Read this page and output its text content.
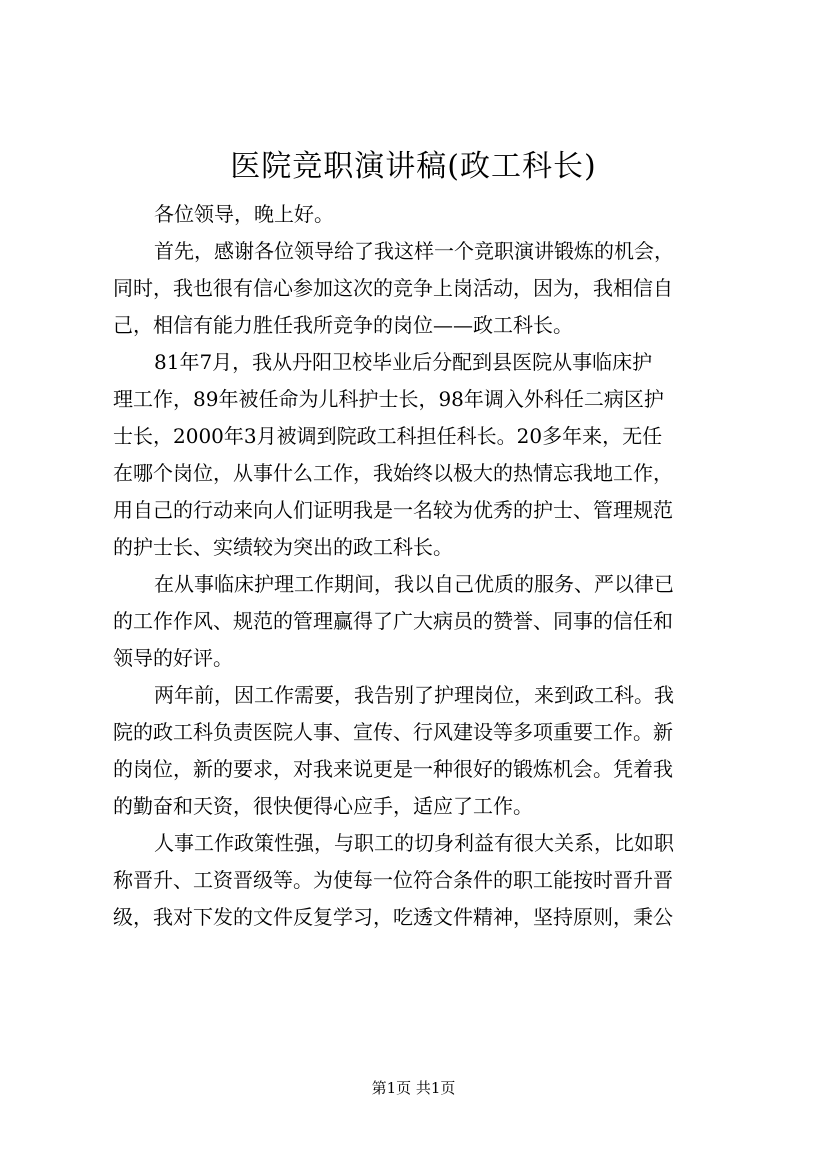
医院竞职演讲稿(政工科长)

各位领导，晚上好。

首先，感谢各位领导给了我这样一个竞职演讲锻炼的机会，
同时，我也很有信心参加这次的竞争上岗活动，因为，我相信自
己，相信有能力胜任我所竞争的岗位——政工科长。

81年7月，我从丹阳卫校毕业后分配到县医院从事临床护
理工作，89年被任命为儿科护士长，98年调入外科任二病区护
士长，2000年3月被调到院政工科担任科长。20多年来，无任
在哪个岗位，从事什么工作，我始终以极大的热情忘我地工作，
用自己的行动来向人们证明我是一名较为优秀的护士、管理规范
的护士长、实绩较为突出的政工科长。

在从事临床护理工作期间，我以自己优质的服务、严以律已
的工作作风、规范的管理赢得了广大病员的赞誉、同事的信任和
领导的好评。

两年前，因工作需要，我告别了护理岗位，来到政工科。我
院的政工科负责医院人事、宣传、行风建设等多项重要工作。新
的岗位，新的要求，对我来说更是一种很好的锻炼机会。凭着我
的勤奋和天资，很快便得心应手，适应了工作。

人事工作政策性强，与职工的切身利益有很大关系，比如职
称晋升、工资晋级等。为使每一位符合条件的职工能按时晋升晋
级，我对下发的文件反复学习，吃透文件精神，坚持原则，秉公

第1页 共1页
